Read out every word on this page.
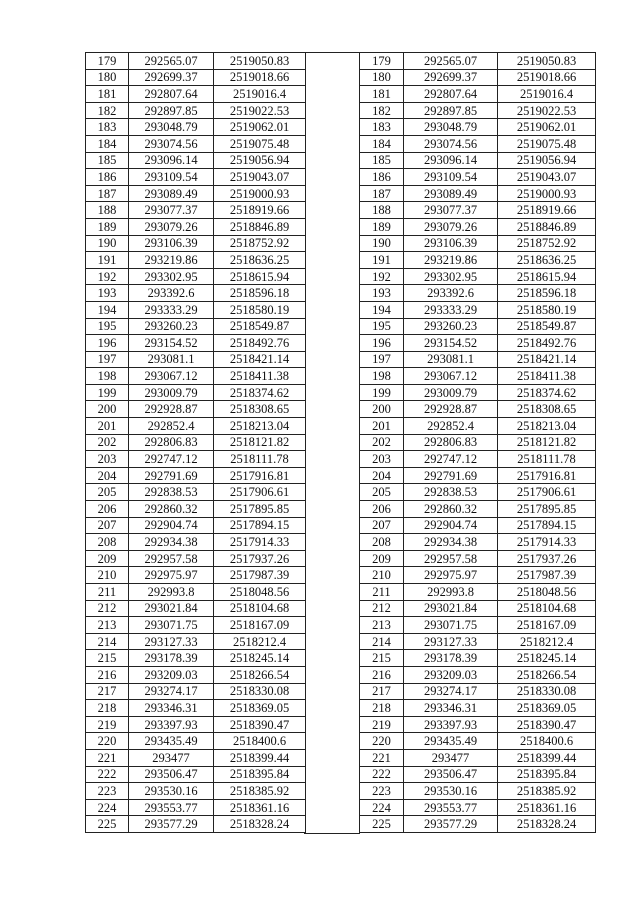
179	292565.07	2519050.83
180	292699.37	2519018.66
181	292807.64	2519016.4
182	292897.85	2519022.53
183	293048.79	2519062.01
184	293074.56	2519075.48
185	293096.14	2519056.94
186	293109.54	2519043.07
187	293089.49	2519000.93
188	293077.37	2518919.66
189	293079.26	2518846.89
190	293106.39	2518752.92
191	293219.86	2518636.25
192	293302.95	2518615.94
193	293392.6	2518596.18
194	293333.29	2518580.19
195	293260.23	2518549.87
196	293154.52	2518492.76
197	293081.1	2518421.14
198	293067.12	2518411.38
199	293009.79	2518374.62
200	292928.87	2518308.65
201	292852.4	2518213.04
202	292806.83	2518121.82
203	292747.12	2518111.78
204	292791.69	2517916.81
205	292838.53	2517906.61
206	292860.32	2517895.85
207	292904.74	2517894.15
208	292934.38	2517914.33
209	292957.58	2517937.26
210	292975.97	2517987.39
211	292993.8	2518048.56
212	293021.84	2518104.68
213	293071.75	2518167.09
214	293127.33	2518212.4
215	293178.39	2518245.14
216	293209.03	2518266.54
217	293274.17	2518330.08
218	293346.31	2518369.05
219	293397.93	2518390.47
220	293435.49	2518400.6
221	293477	2518399.44
222	293506.47	2518395.84
223	293530.16	2518385.92
224	293553.77	2518361.16
225	293577.29	2518328.24
179	292565.07	2519050.83
180	292699.37	2519018.66
181	292807.64	2519016.4
182	292897.85	2519022.53
183	293048.79	2519062.01
184	293074.56	2519075.48
185	293096.14	2519056.94
186	293109.54	2519043.07
187	293089.49	2519000.93
188	293077.37	2518919.66
189	293079.26	2518846.89
190	293106.39	2518752.92
191	293219.86	2518636.25
192	293302.95	2518615.94
193	293392.6	2518596.18
194	293333.29	2518580.19
195	293260.23	2518549.87
196	293154.52	2518492.76
197	293081.1	2518421.14
198	293067.12	2518411.38
199	293009.79	2518374.62
200	292928.87	2518308.65
201	292852.4	2518213.04
202	292806.83	2518121.82
203	292747.12	2518111.78
204	292791.69	2517916.81
205	292838.53	2517906.61
206	292860.32	2517895.85
207	292904.74	2517894.15
208	292934.38	2517914.33
209	292957.58	2517937.26
210	292975.97	2517987.39
211	292993.8	2518048.56
212	293021.84	2518104.68
213	293071.75	2518167.09
214	293127.33	2518212.4
215	293178.39	2518245.14
216	293209.03	2518266.54
217	293274.17	2518330.08
218	293346.31	2518369.05
219	293397.93	2518390.47
220	293435.49	2518400.6
221	293477	2518399.44
222	293506.47	2518395.84
223	293530.16	2518385.92
224	293553.77	2518361.16
225	293577.29	2518328.24
